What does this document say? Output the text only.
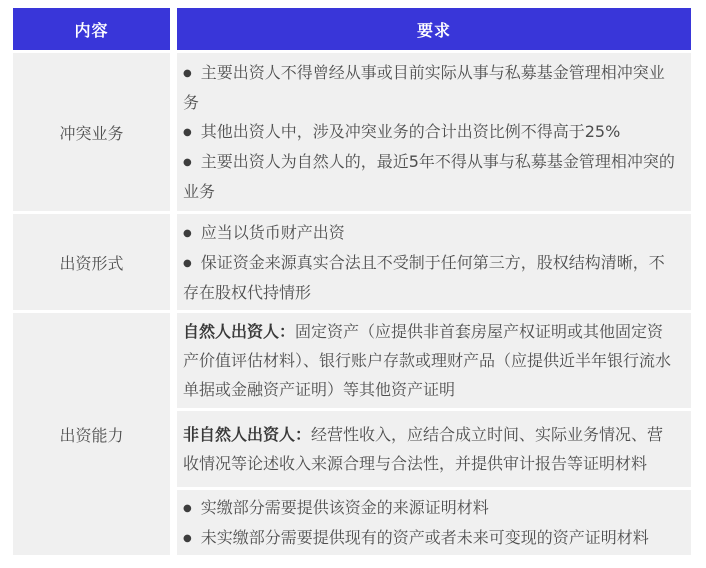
内容	要求
冲突业务

● 主要出资人不得曾经从事或目前实际从事与私募基金管理相冲突业务

● 其他出资人中，涉及冲突业务的合计出资比例不得高于25%

● 主要出资人为自然人的，最近5年不得从事与私募基金管理相冲突的业务

出资形式

● 应当以货币财产出资

● 保证资金来源真实合法且不受制于任何第三方，股权结构清晰，不存在股权代持情形

出资能力

自然人出资人：固定资产（应提供非首套房屋产权证明或其他固定资产价值评估材料）、银行账户存款或理财产品（应提供近半年银行流水单据或金融资产证明）等其他资产证明

非自然人出资人：经营性收入，应结合成立时间、实际业务情况、营收情况等论述收入来源合理与合法性，并提供审计报告等证明材料

● 实缴部分需要提供该资金的来源证明材料

● 未实缴部分需要提供现有的资产或者未来可变现的资产证明材料
